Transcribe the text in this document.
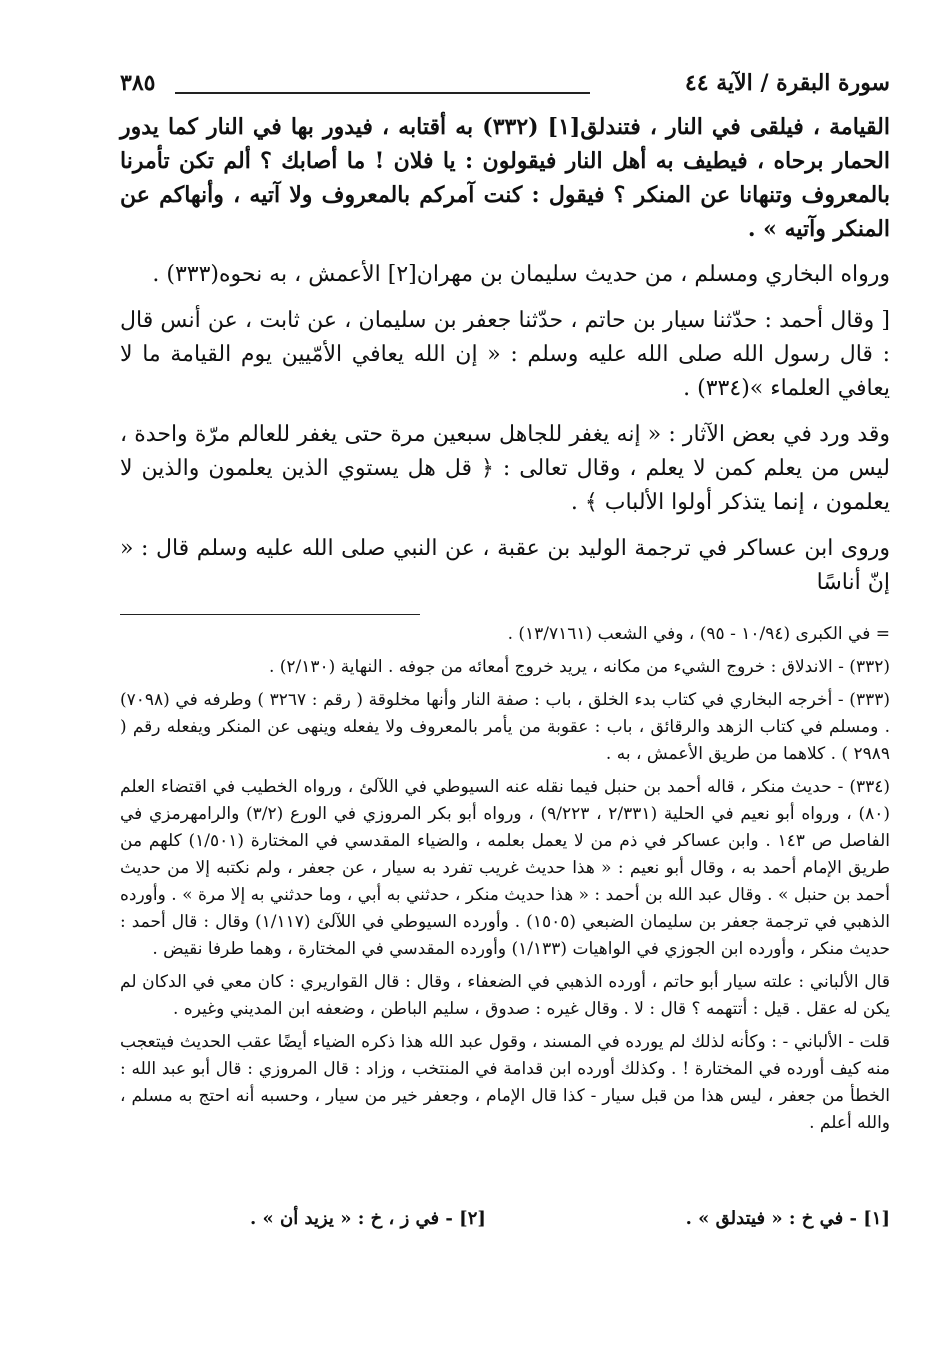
سورة البقرة / الآية ٤٤
٣٨٥

القيامة ، فيلقى في النار ، فتندلق[١] (٣٣٢) به أقتابه ، فيدور بها في النار كما يدور الحمار برحاه ، فيطيف به أهل النار فيقولون : يا فلان ! ما أصابك ؟ ألم تكن تأمرنا بالمعروف وتنهانا عن المنكر ؟ فيقول : كنت آمركم بالمعروف ولا آتيه ، وأنهاكم عن المنكر وآتيه » .

ورواه البخاري ومسلم ، من حديث سليمان بن مهران[٢] الأعمش ، به نحوه(٣٣٣) .

[ وقال أحمد : حدّثنا سيار بن حاتم ، حدّثنا جعفر بن سليمان ، عن ثابت ، عن أنس قال : قال رسول الله صلى الله عليه وسلم : « إن الله يعافي الأمّيين يوم القيامة ما لا يعافي العلماء »(٣٣٤) .

وقد ورد في بعض الآثار : « إنه يغفر للجاهل سبعين مرة حتى يغفر للعالم مرّة واحدة ، ليس من يعلم كمن لا يعلم ، وقال تعالى : ﴿ قل هل يستوي الذين يعلمون والذين لا يعلمون ، إنما يتذكر أولوا الألباب ﴾ .

وروى ابن عساكر في ترجمة الوليد بن عقبة ، عن النبي صلى الله عليه وسلم قال : « إنّ أناسًا

= في الكبرى (١٠/٩٤ - ٩٥) ، وفي الشعب (١٣/٧١٦١) .

(٣٣٢) - الاندلاق : خروج الشيء من مكانه ، يريد خروج أمعائه من جوفه . النهاية (٢/١٣٠) .

(٣٣٣) - أخرجه البخاري في كتاب بدء الخلق ، باب : صفة النار وأنها مخلوقة ( رقم : ٣٢٦٧ ) وطرفه في (٧٠٩٨) . ومسلم في كتاب الزهد والرقائق ، باب : عقوبة من يأمر بالمعروف ولا يفعله وينهى عن المنكر ويفعله رقم ( ٢٩٨٩ ) . كلاهما من طريق الأعمش ، به .

(٣٣٤) - حديث منكر ، قاله أحمد بن حنبل فيما نقله عنه السيوطي في اللآلئ ، ورواه الخطيب في اقتضاء العلم (٨٠) ، ورواه أبو نعيم في الحلية (٢/٣٣١ ، ٩/٢٢٣) ، ورواه أبو بكر المروزي في الورع (٣/٢) والرامهرمزي في الفاصل ص ١٤٣ . وابن عساكر في ذم من لا يعمل بعلمه ، والضياء المقدسي في المختارة (١/٥٠١) كلهم من طريق الإمام أحمد به ، وقال أبو نعيم : « هذا حديث غريب تفرد به سيار ، عن جعفر ، ولم نكتبه إلا من حديث أحمد بن حنبل » . وقال عبد الله بن أحمد : « هذا حديث منكر ، حدثني به أبي ، وما حدثني به إلا مرة » . وأورده الذهبي في ترجمة جعفر بن سليمان الضبعي (١٥٠٥) . وأورده السيوطي في اللآلئ (١/١١٧) وقال : قال أحمد : حديث منكر ، وأورده ابن الجوزي في الواهيات (١/١٣٣) وأورده المقدسي في المختارة ، وهما طرفا نقيض .

قال الألباني : علته سيار أبو حاتم ، أورده الذهبي في الضعفاء ، وقال : قال القواريري : كان معي في الدكان لم يكن له عقل . قيل : أتتهمه ؟ قال : لا . وقال غيره : صدوق ، سليم الباطن ، وضعفه ابن المديني وغيره .

قلت - الألباني - : وكأنه لذلك لم يورده في المسند ، وقول عبد الله هذا ذكره الضياء أيضًا عقب الحديث فيتعجب منه كيف أورده في المختارة ! . وكذلك أورده ابن قدامة في المنتخب ، وزاد : قال المروزي : قال أبو عبد الله : الخطأ من جعفر ، ليس هذا من قبل سيار - كذا قال الإمام ، وجعفر خير من سيار ، وحسبه أنه احتج به مسلم ، والله أعلم .

[١] - في خ : « فيتدلق » .
[٢] - في ز ، خ : « يزيد أن » .
